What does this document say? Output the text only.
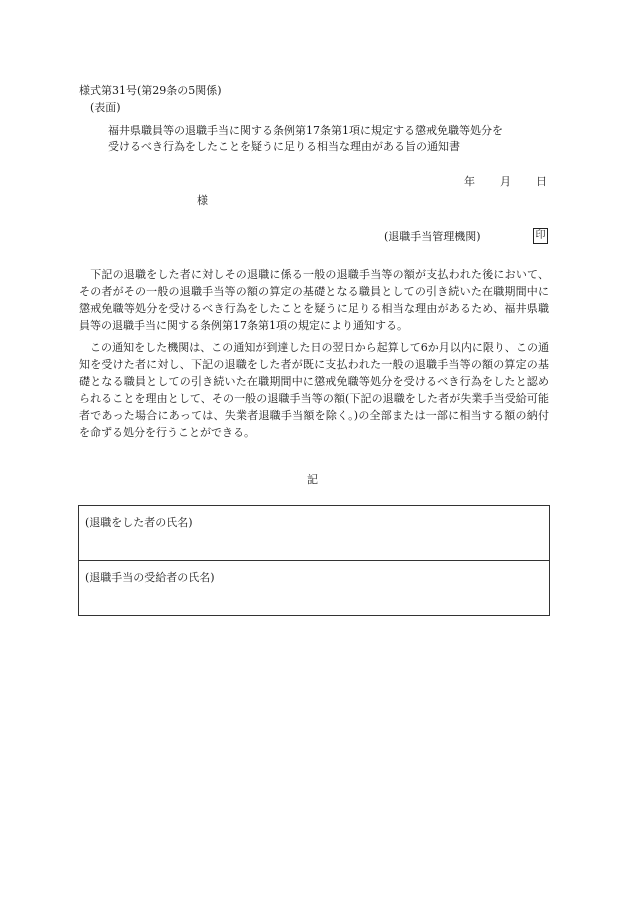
様式第31号(第29条の5関係)
(表面)
福井県職員等の退職手当に関する条例第17条第1項に規定する懲戒免職等処分を
受けるべき行為をしたことを疑うに足りる相当な理由がある旨の通知書
年 月 日
様
(退職手当管理機関)	印
下記の退職をした者に対しその退職に係る一般の退職手当等の額が支払われた後において、その者がその一般の退職手当等の額の算定の基礎となる職員としての引き続いた在職期間中に懲戒免職等処分を受けるべき行為をしたことを疑うに足りる相当な理由があるため、福井県職員等の退職手当に関する条例第17条第1項の規定により通知する。
この通知をした機関は、この通知が到達した日の翌日から起算して6か月以内に限り、この通知を受けた者に対し、下記の退職をした者が既に支払われた一般の退職手当等の額の算定の基礎となる職員としての引き続いた在職期間中に懲戒免職等処分を受けるべき行為をしたと認められることを理由として、その一般の退職手当等の額(下記の退職をした者が失業手当受給可能者であった場合にあっては、失業者退職手当額を除く。)の全部または一部に相当する額の納付を命ずる処分を行うことができる。
記
(退職をした者の氏名)
(退職手当の受給者の氏名)
